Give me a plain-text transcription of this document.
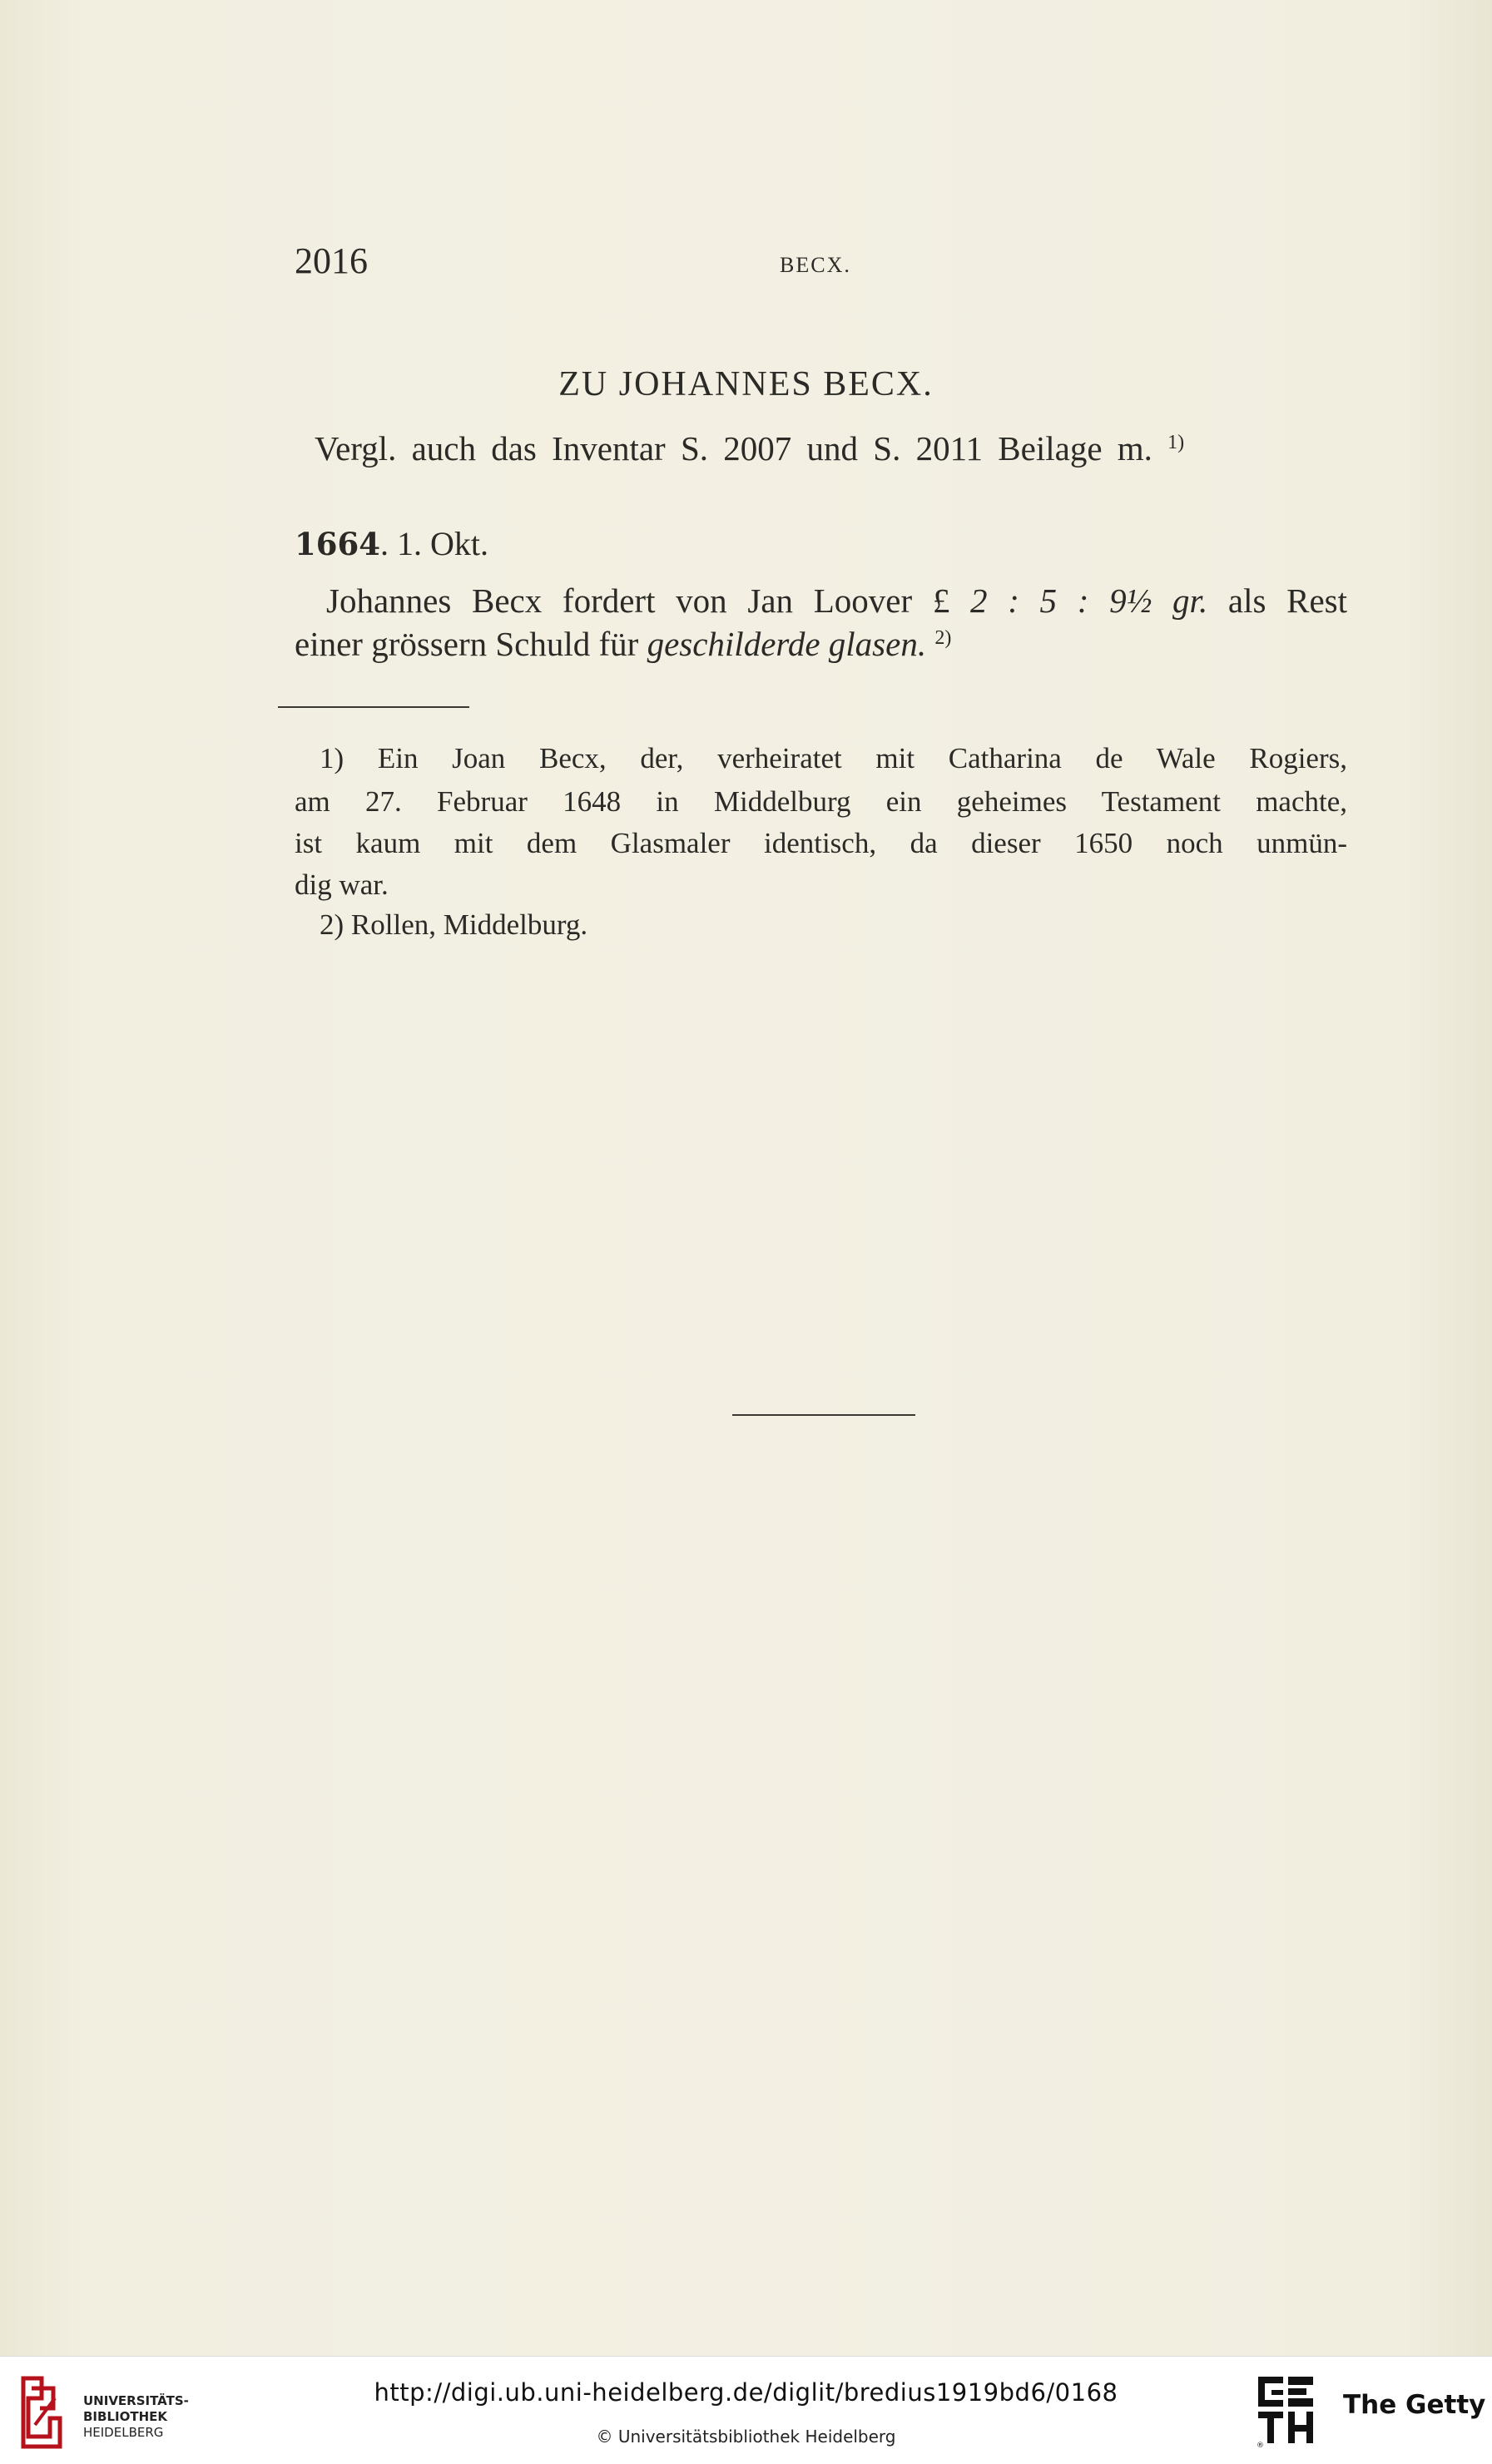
2016	BECX.
ZU JOHANNES BECX.
Vergl. auch das Inventar S. 2007 und S. 2011 Beilage m. $^{1)}$
1664. 1. Okt.
Johannes Becx fordert von Jan Loover £ 2 : 5 : 9½ gr. als Rest
einer grössern Schuld für geschilderde glasen. $^{2)}$
1) Ein Joan Becx, der, verheiratet mit Catharina de Wale Rogiers,
am 27. Februar 1648 in Middelburg ein geheimes Testament machte,
ist kaum mit dem Glasmaler identisch, da dieser 1650 noch unmün-
dig war.
2) Rollen, Middelburg.
UNIVERSITÄTS-
BIBLIOTHEK
HEIDELBERG
http://digi.ub.uni-heidelberg.de/diglit/bredius1919bd6/0168
© Universitätsbibliothek Heidelberg	®
The Getty
